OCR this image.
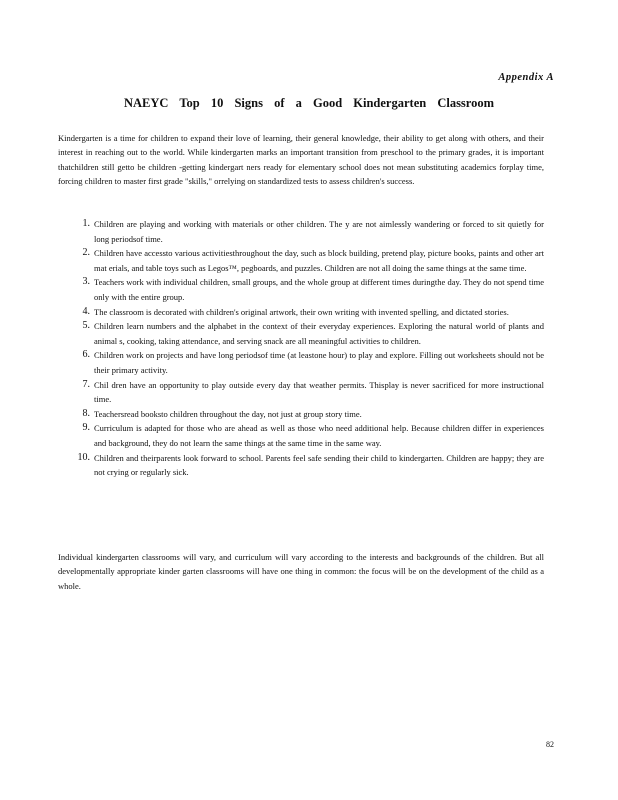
Appendix A
NAEYC Top 10 Signs of a Good Kindergarten Classroom

Kindergarten is a time for children to expand their love of learning, their general knowledge, their ability to get along with others, and their interest in reaching out to the world. While kindergarten marks an important transition from preschool to the primary grades, it is important thatchildren still getto be children -getting kindergart ners ready for elementary school does not mean substituting academics forplay time, forcing children to master first grade "skills," orrelying on standardized tests to assess children's success.

1. Children are playing and working with materials or other children. The y are not aimlessly wandering or forced to sit quietly for long periodsof time.
2. Children have accessto various activitiesthroughout the day, such as block building, pretend play, picture books, paints and other art mat erials, and table toys such as Legos™, pegboards, and puzzles. Children are not all doing the same things at the same time.
3. Teachers work with individual children, small groups, and the whole group at different times duringthe day. They do not spend time only with the entire group.
4. The classroom is decorated with children's original artwork, their own writing with invented spelling, and dictated stories.
5. Children learn numbers and the alphabet in the context of their everyday experiences. Exploring the natural world of plants and animal s, cooking, taking attendance, and serving snack are all meaningful activities to children.
6. Children work on projects and have long periodsof time (at leastone hour) to play and explore. Filling out worksheets should not be their primary activity.
7. Chil dren have an opportunity to play outside every day that weather permits. Thisplay is never sacrificed for more instructional time.
8. Teachersread booksto children throughout the day, not just at group story time.
9. Curriculum is adapted for those who are ahead as well as those who need additional help. Because children differ in experiences and background, they do not learn the same things at the same time in the same way.
10. Children and theirparents look forward to school. Parents feel safe sending their child to kindergarten. Children are happy; they are not crying or regularly sick.

Individual kindergarten classrooms will vary, and curriculum will vary according to the interests and backgrounds of the children. But all developmentally appropriate kinder garten classrooms will have one thing in common: the focus will be on the development of the child as a whole.

82
